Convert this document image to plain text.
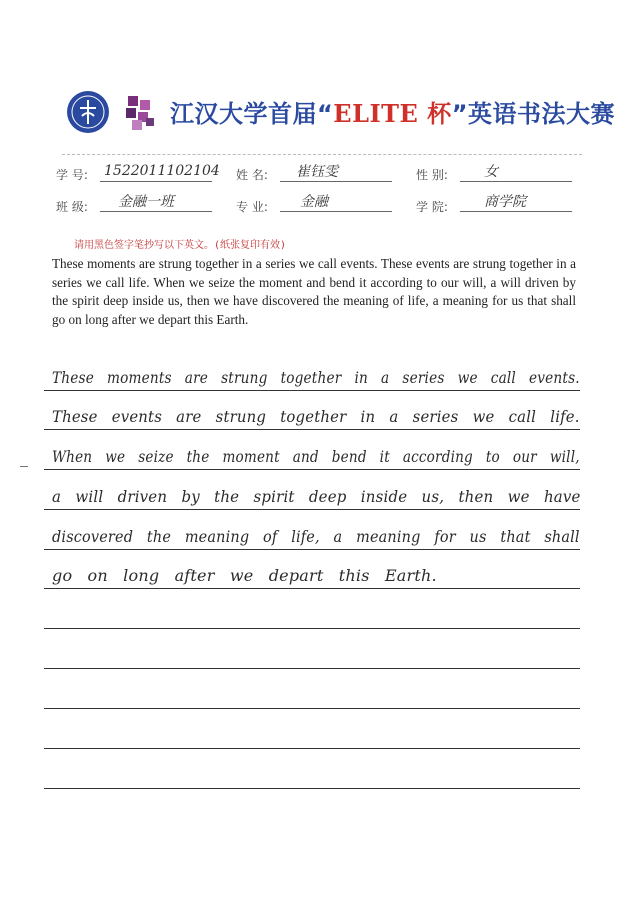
江汉大学首届“ELITE 杯”英语书法大赛
学 号: 1522011102104 姓 名: 崔钰雯	性 别:	女
班 级: 金融一班	专 业: 金融	学 院:	商学院
请用黑色签字笔抄写以下英文。(纸张复印有效)
These moments are strung together in a series we call events. These events are strung together in a series we call life. When we seize the moment and bend it according to our will, a will driven by the spirit deep inside us, then we have discovered the meaning of life, a meaning for us that shall go on long after we depart this Earth.
These moments are strung together in a series we call events.
These events are strung together in a series we call life.
When we seize the moment and bend it according to our will,
a will driven by the spirit deep inside us, then we have
discovered the meaning of life, a meaning for us that shall
go on long after we depart this Earth.
